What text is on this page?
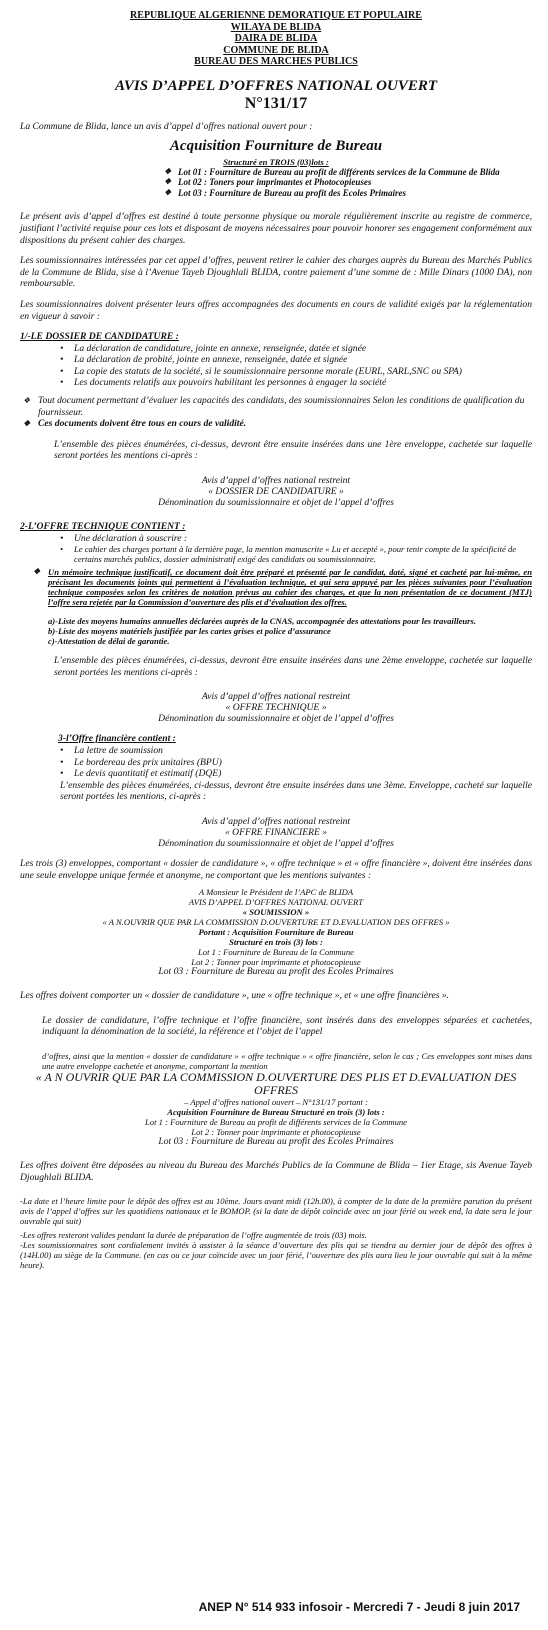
REPUBLIQUE ALGERIENNE DEMORATIQUE ET POPULAIRE
WILAYA DE BLIDA
DAIRA DE BLIDA
COMMUNE DE BLIDA
BUREAU DES MARCHES PUBLICS
AVIS D’APPEL D’OFFRES NATIONAL OUVERT
N°131/17

La Commune de Blida, lance un avis d’appel d’offres national ouvert pour :

Acquisition Fourniture de Bureau
Structuré en TROIS (03)lots :
❖ Lot 01 : Fourniture de Bureau au profit de différents services de la Commune de Blida
❖ Lot 02 : Toners pour imprimantes et Photocopieuses
❖ Lot 03 : Fourniture de Bureau au profit des Ecoles Primaires

Le présent avis d’appel d’offres est destiné à toute personne physique ou morale régulièrement inscrite au registre de commerce, justifiant l’activité requise pour ces lots et disposant de moyens nécessaires pour pouvoir honorer ses engagement conformément aux dispositions du présent cahier des charges.

Les soumissionnaires intéressées par cet appel d’offres, peuvent retirer le cahier des charges auprès du Bureau des Marchés Publics de la Commune de Blida, sise à l’Avenue Tayeb Djoughlali BLIDA, contre paiement d’une somme de : Mille Dinars (1000 DA), non remboursable.

Les soumissionnaires doivent présenter leurs offres accompagnées des documents en cours de validité exigés par la réglementation en vigueur à savoir :

1/-LE DOSSIER DE CANDIDATURE :
• La déclaration de candidature, jointe en annexe, renseignée, datée et signée
• La déclaration de probité, jointe en annexe, renseignée, datée et signée
• La copie des statuts de la société, si le soumissionnaire personne morale (EURL, SARL,SNC ou SPA)
• Les documents relatifs aux pouvoirs habilitant les personnes à engager la société
❖ Tout document permettant d’évaluer les capacités des candidats, des soumissionnaires Selon les conditions de qualification du fournisseur.
❖ Ces documents doivent être tous en cours de validité.

L’ensemble des pièces énumérées, ci-dessus, devront être ensuite insérées dans une 1ère enveloppe, cachetée sur laquelle seront portées les mentions ci-après :

Avis d’appel d’offres national restreint
« DOSSIER DE CANDIDATURE »
Dénomination du soumissionnaire et objet de l’appel d’offres
2-L’OFFRE TECHNIQUE CONTIENT :
• Une déclaration à souscrire :
• Le cahier des charges portant à la dernière page, la mention manuscrite « Lu et accepté », pour tenir compte de la spécificité de certains marchés publics, dossier administratif exigé des candidats ou soumissionnaire.
❖ Un mémoire technique justificatif, ce document doit être préparé et présenté par le candidat, daté, signé et cacheté par lui-même, en précisant les documents joints qui permettent à l’évaluation technique, et qui sera appuyé par les pièces suivantes pour l’évaluation technique composées selon les critères de notation prévus au cahier des charges, et que la non présentation de ce document (MTJ) l’offre sera rejetée par la Commission d’ouverture des plis et d’évaluation des offres.
a)-Liste des moyens humains annuelles déclarées auprès de la CNAS, accompagnée des attestations pour les travailleurs.
b)-Liste des moyens matériels justifiée par les cartes grises et police d’assurance
c)-Attestation de délai de garantie.

L’ensemble des pièces énumérées, ci-dessus, devront être ensuite insérées dans une 2ème enveloppe, cachetée sur laquelle seront portées les mentions ci-après :

Avis d’appel d’offres national restreint
« OFFRE TECHNIQUE »
Dénomination du soumissionnaire et objet de l’appel d’offres
3-l’Offre financière contient :
• La lettre de soumission
• Le bordereau des prix unitaires (BPU)
• Le devis quantitatif et estimatif (DQE)

L’ensemble des pièces énumérées, ci-dessus, devront être ensuite insérées dans une 3ème. Enveloppe, cacheté sur laquelle seront portées les mentions, ci-après :

Avis d’appel d’offres national restreint
« OFFRE FINANCIERE »
Dénomination du soumissionnaire et objet de l’appel d’offres

Les trois (3) enveloppes, comportant « dossier de candidature », « offre technique » et « offre financière », doivent être insérées dans une seule enveloppe unique fermée et anonyme, ne comportant que les mentions suivantes :

A Monsieur le Président de l’APC de BLIDA
AVIS D’APPEL D’OFFRES NATIONAL OUVERT
« SOUMISSION »
« A N.OUVRIR QUE PAR LA COMMISSION D.OUVERTURE ET D.EVALUATION DES OFFRES »
Portant : Acquisition Fourniture de Bureau
Structuré en trois (3) lots :
Lot 1 : Fourniture de Bureau de la Commune
Lot 2 : Tonner pour imprimante et photocopieuse
Lot 03 : Fourniture de Bureau au profit des Ecoles Primaires

Les offres doivent comporter un « dossier de candidature », une « offre technique », et « une offre financières ».

Le dossier de candidature, l’offre technique et l’offre financière, sont insérés dans des enveloppes séparées et cachetées, indiquant la dénomination de la société, la référence et l’objet de l’appel

d’offres, ainsi que la mention « dossier de candidature » « offre technique » « offre financière, selon le cas ; Ces enveloppes sont mises dans une autre enveloppe cachetée et anonyme, comportant la mention

« A N OUVRIR QUE PAR LA COMMISSION D.OUVERTURE DES PLIS ET D.EVALUATION DES OFFRES
– Appel d’offres national ouvert – N°131/17 portant :
Acquisition Fourniture de Bureau Structuré en trois (3) lots :
Lot 1 : Fourniture de Bureau au profit de différents services de la Commune
Lot 2 : Tonner pour imprimante et photocopieuse
Lot 03 : Fourniture de Bureau au profit des Ecoles Primaires

Les offres doivent être déposées au niveau du Bureau des Marchés Publics de la Commune de Blida – 1ier Etage, sis Avenue Tayeb Djoughlali BLIDA.

-La date et l’heure limite pour le dépôt des offres est au 10ème. Jours avant midi (12h.00), à compter de la date de la première parution du présent avis de l’appel d’offres sur les quotidiens nationaux et le BOMOP. (si la date de dépôt coïncide avec un jour férié ou week end, la date sera le jour ouvrable qui suit)

-Les offres resteront valides pendant la durée de préparation de l’offre augmentée de trois (03) mois.

-Les soumissionnaires sont cordialement invités à assister à la séance d’ouverture des plis qui se tiendra au dernier jour de dépôt des offres à (14H.00) au siège de la Commune. (en cas ou ce jour coïncide avec un jour férié, l’ouverture des plis aura lieu le jour ouvrable qui suit à la même heure).

ANEP N° 514 933 infosoir - Mercredi 7 - Jeudi 8 juin 2017
